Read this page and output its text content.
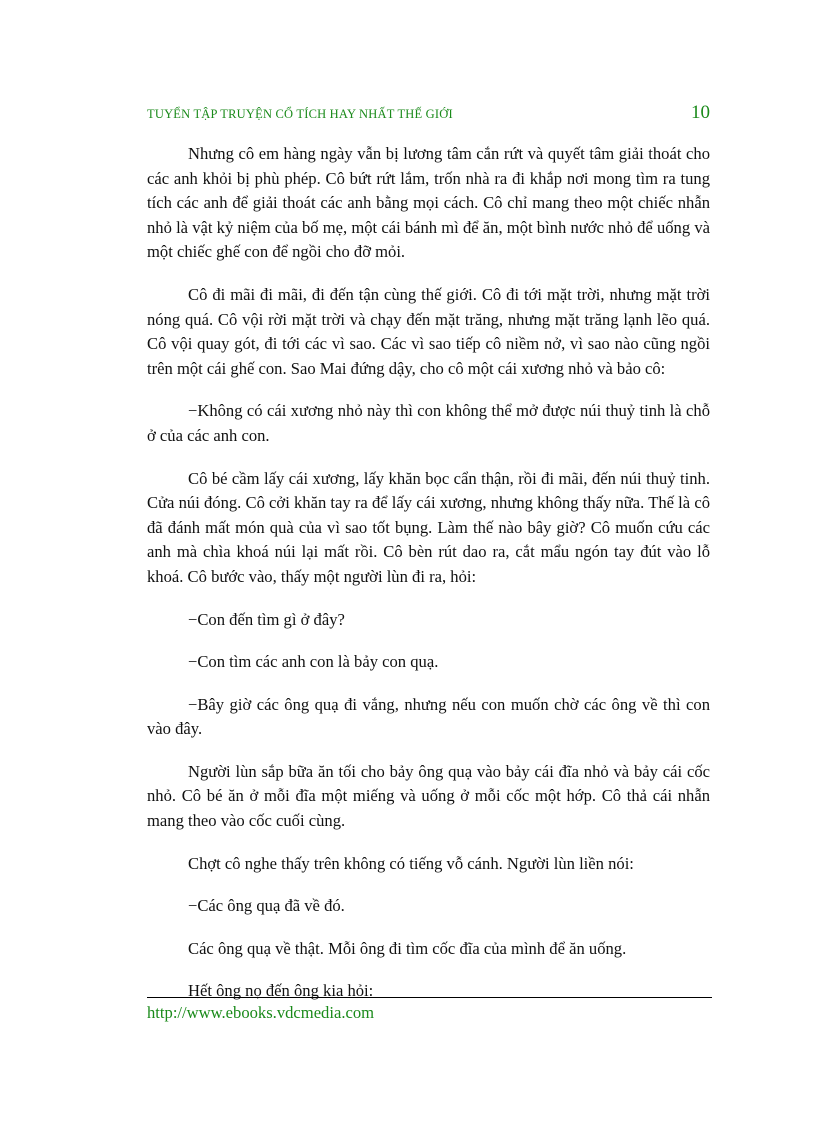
TUYỂN TẬP TRUYỆN CỔ TÍCH HAY NHẤT THẾ GIỚI	10

Nhưng cô em hàng ngày vẫn bị lương tâm cắn rứt và quyết tâm giải thoát cho các anh khỏi bị phù phép. Cô bứt rứt lắm, trốn nhà ra đi khắp nơi mong tìm ra tung tích các anh để giải thoát các anh bằng mọi cách. Cô chỉ mang theo một chiếc nhẫn nhỏ là vật kỷ niệm của bố mẹ, một cái bánh mì để ăn, một bình nước nhỏ để uống và một chiếc ghế con để ngồi cho đỡ mỏi.

Cô đi mãi đi mãi, đi đến tận cùng thế giới. Cô đi tới mặt trời, nhưng mặt trời nóng quá. Cô vội rời mặt trời và chạy đến mặt trăng, nhưng mặt trăng lạnh lẽo quá. Cô vội quay gót, đi tới các vì sao. Các vì sao tiếp cô niềm nở, vì sao nào cũng ngồi trên một cái ghế con. Sao Mai đứng dậy, cho cô một cái xương nhỏ và bảo cô:

−Không có cái xương nhỏ này thì con không thể mở được núi thuỷ tinh là chỗ ở của các anh con.

Cô bé cầm lấy cái xương, lấy khăn bọc cẩn thận, rồi đi mãi, đến núi thuỷ tinh. Cửa núi đóng. Cô cởi khăn tay ra để lấy cái xương, nhưng không thấy nữa. Thế là cô đã đánh mất món quà của vì sao tốt bụng. Làm thế nào bây giờ? Cô muốn cứu các anh mà chìa khoá núi lại mất rồi. Cô bèn rút dao ra, cắt mẩu ngón tay đút vào lỗ khoá. Cô bước vào, thấy một người lùn đi ra, hỏi:

−Con đến tìm gì ở đây?

−Con tìm các anh con là bảy con quạ.

−Bây giờ các ông quạ đi vắng, nhưng nếu con muốn chờ các ông về thì con vào đây.

Người lùn sắp bữa ăn tối cho bảy ông quạ vào bảy cái đĩa nhỏ và bảy cái cốc nhỏ. Cô bé ăn ở mỗi đĩa một miếng và uống ở mỗi cốc một hớp. Cô thả cái nhẫn mang theo vào cốc cuối cùng.

Chợt cô nghe thấy trên không có tiếng vỗ cánh. Người lùn liền nói:

−Các ông quạ đã về đó.

Các ông quạ về thật. Mỗi ông đi tìm cốc đĩa của mình để ăn uống.

Hết ông nọ đến ông kia hỏi:

http://www.ebooks.vdcmedia.com
